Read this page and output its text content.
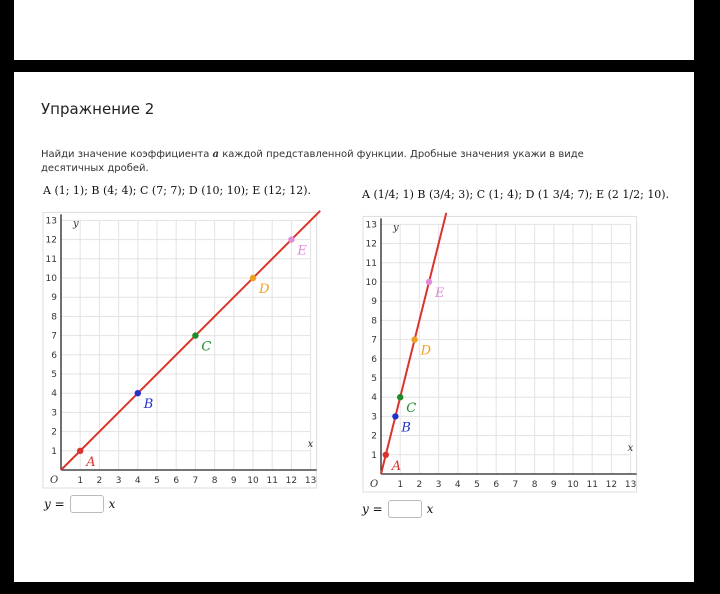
Упражнение 2
Найди значение коэффициента a каждой представленной функции. Дробные значения укажи в виде десятичных дробей.
A (1; 1); B (4; 4); C (7; 7); D (10; 10); E (12; 12).	A (1/4; 1) B (3/4; 3); C (1; 4); D (1 3/4; 7); E (2 1/2; 10).
1 2 3 4 5 6 7 8 9 10 11 12 13
1
2
3
4
5
6
7
8
9
10
11
12
13
x
y
O
A
B
C
D
E
1 2 3 4 5 6 7 8 9 10 11 12 13
1
2
3
4
5
6
7
8
9
10
11
12
13
x
y
O
A
B
C
D
E
y =	x	y =	x
